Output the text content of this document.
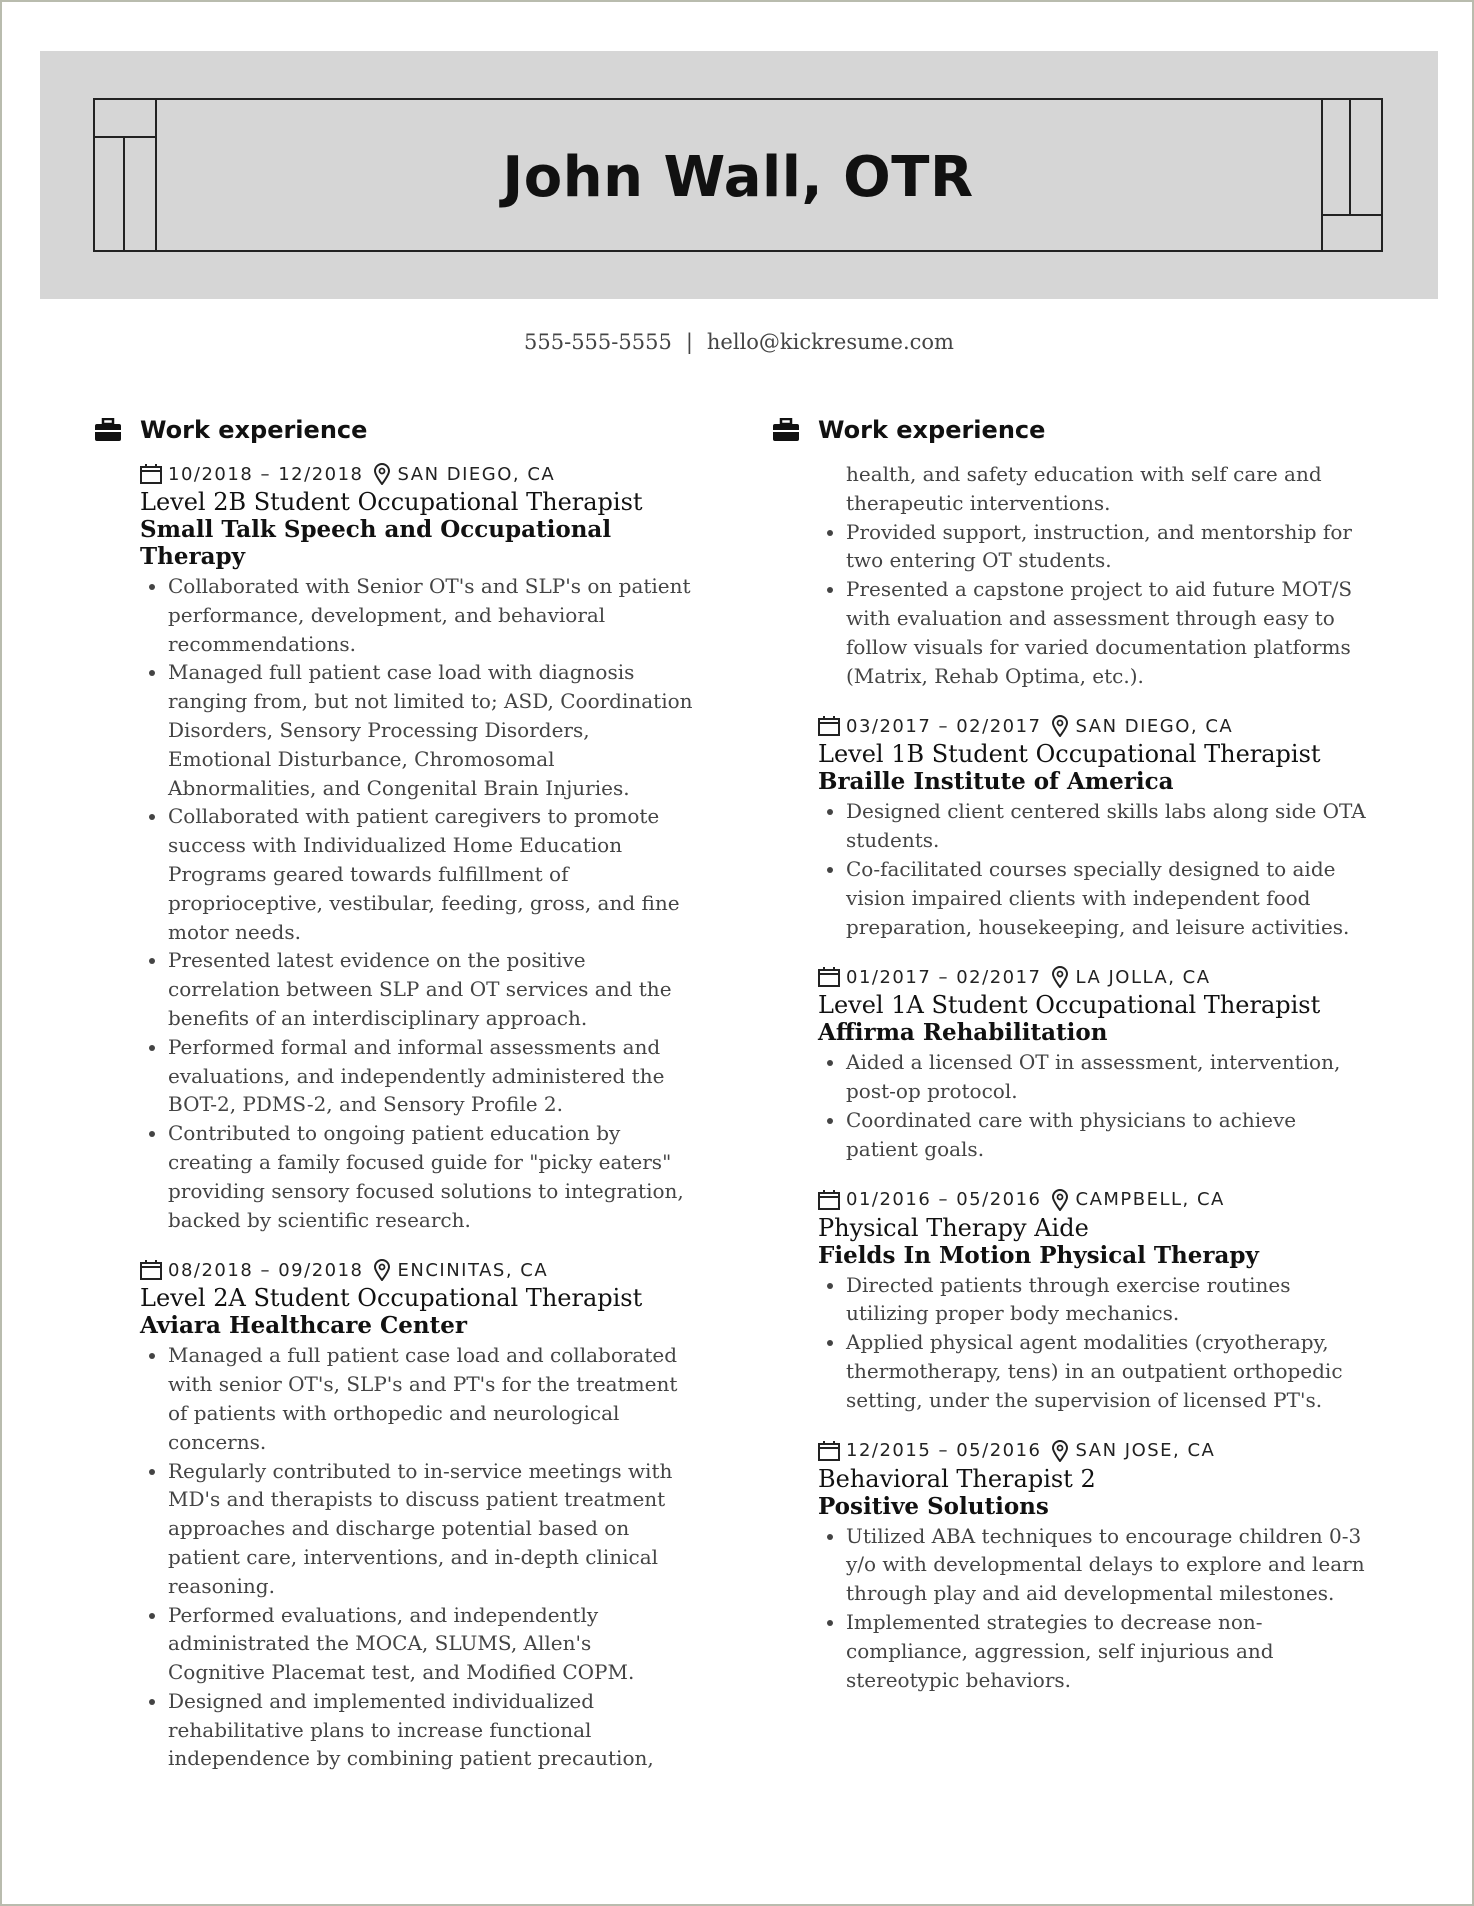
John Wall, OTR
555-555-5555 | hello@kickresume.com
Work experience
10/2018 – 12/2018 SAN DIEGO, CA
Level 2B Student Occupational Therapist
Small Talk Speech and Occupational Therapy
• Collaborated with Senior OT's and SLP's on patient performance, development, and behavioral recommendations.
• Managed full patient case load with diagnosis ranging from, but not limited to; ASD, Coordination Disorders, Sensory Processing Disorders, Emotional Disturbance, Chromosomal Abnormalities, and Congenital Brain Injuries.
• Collaborated with patient caregivers to promote success with Individualized Home Education Programs geared towards fulfillment of proprioceptive, vestibular, feeding, gross, and fine motor needs.
• Presented latest evidence on the positive correlation between SLP and OT services and the benefits of an interdisciplinary approach.
• Performed formal and informal assessments and evaluations, and independently administered the BOT-2, PDMS-2, and Sensory Profile 2.
• Contributed to ongoing patient education by creating a family focused guide for "picky eaters" providing sensory focused solutions to integration, backed by scientific research.
08/2018 – 09/2018 ENCINITAS, CA
Level 2A Student Occupational Therapist
Aviara Healthcare Center
• Managed a full patient case load and collaborated with senior OT's, SLP's and PT's for the treatment of patients with orthopedic and neurological concerns.
• Regularly contributed to in-service meetings with MD's and therapists to discuss patient treatment approaches and discharge potential based on patient care, interventions, and in-depth clinical reasoning.
• Performed evaluations, and independently administrated the MOCA, SLUMS, Allen's Cognitive Placemat test, and Modified COPM.
• Designed and implemented individualized rehabilitative plans to increase functional independence by combining patient precaution,
Work experience
health, and safety education with self care and therapeutic interventions.
• Provided support, instruction, and mentorship for two entering OT students.
• Presented a capstone project to aid future MOT/S with evaluation and assessment through easy to follow visuals for varied documentation platforms (Matrix, Rehab Optima, etc.).
03/2017 – 02/2017 SAN DIEGO, CA
Level 1B Student Occupational Therapist
Braille Institute of America
• Designed client centered skills labs along side OTA students.
• Co-facilitated courses specially designed to aide vision impaired clients with independent food preparation, housekeeping, and leisure activities.
01/2017 – 02/2017 LA JOLLA, CA
Level 1A Student Occupational Therapist
Affirma Rehabilitation
• Aided a licensed OT in assessment, intervention, post-op protocol.
• Coordinated care with physicians to achieve patient goals.
01/2016 – 05/2016 CAMPBELL, CA
Physical Therapy Aide
Fields In Motion Physical Therapy
• Directed patients through exercise routines utilizing proper body mechanics.
• Applied physical agent modalities (cryotherapy, thermotherapy, tens) in an outpatient orthopedic setting, under the supervision of licensed PT's.
12/2015 – 05/2016 SAN JOSE, CA
Behavioral Therapist 2
Positive Solutions
• Utilized ABA techniques to encourage children 0-3 y/o with developmental delays to explore and learn through play and aid developmental milestones.
• Implemented strategies to decrease non-compliance, aggression, self injurious and stereotypic behaviors.
